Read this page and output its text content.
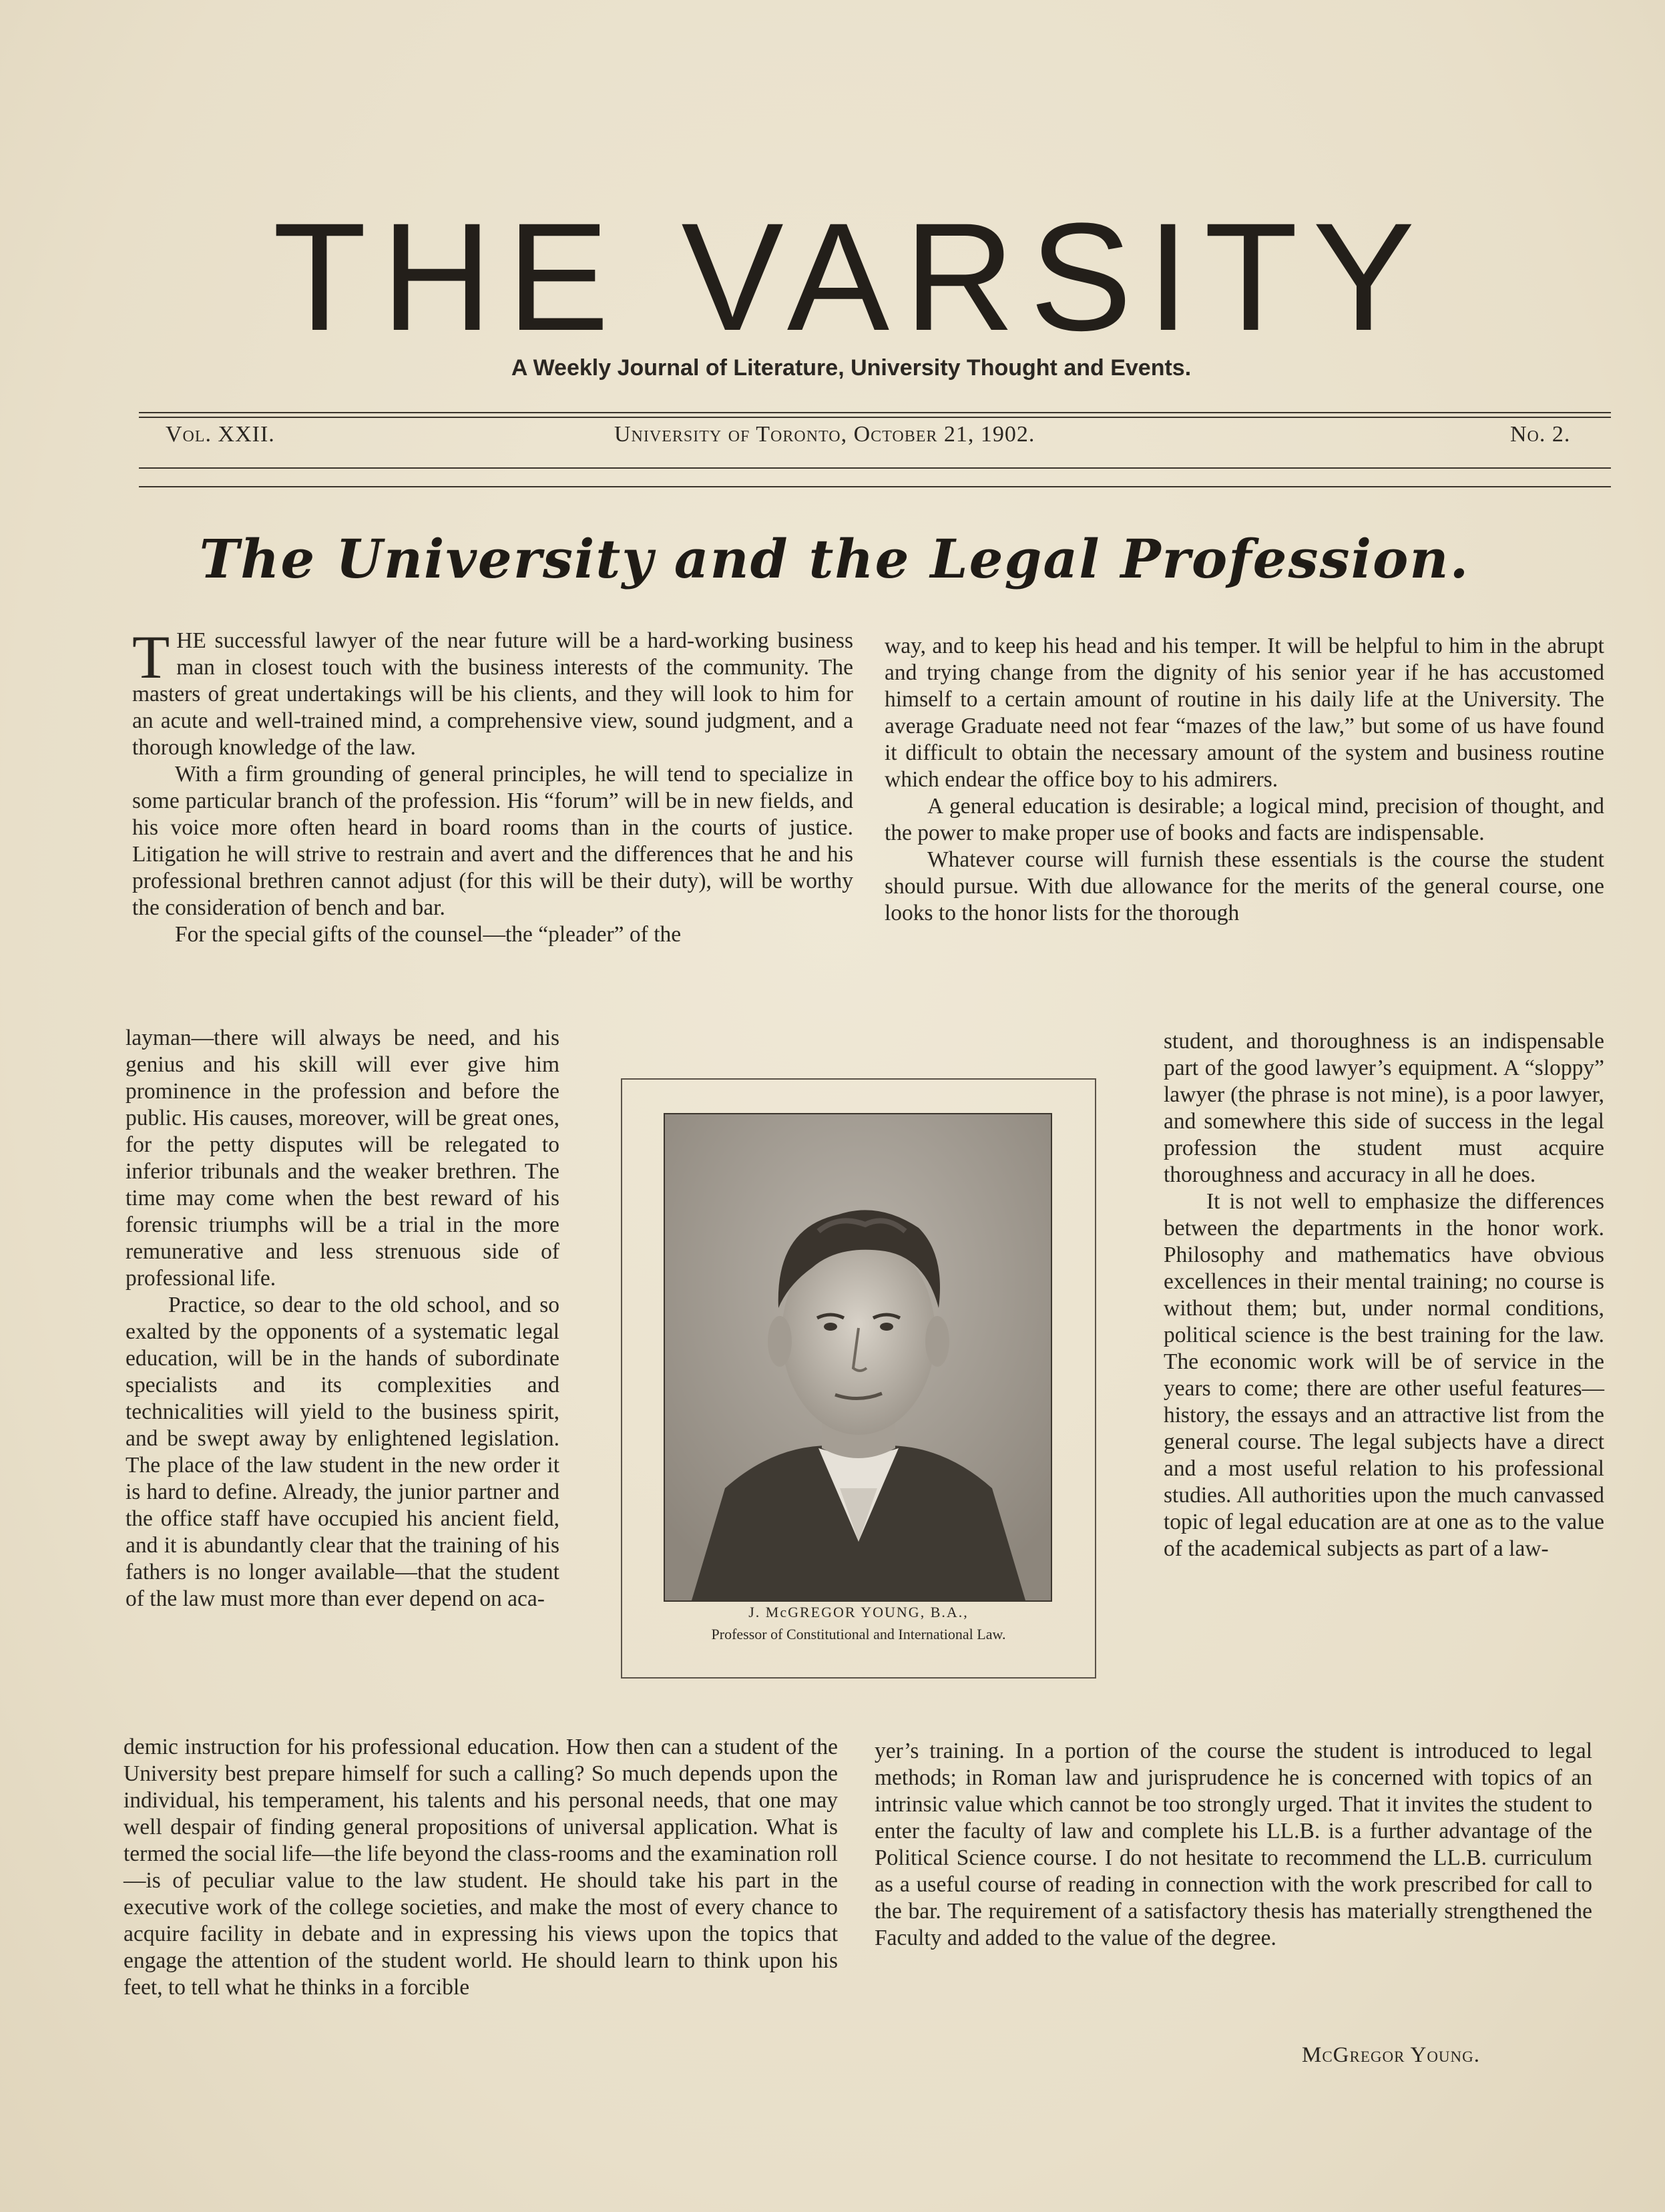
THE VARSITY
A Weekly Journal of Literature, University Thought and Events.
Vol. XXII.	University of Toronto, October 21, 1902.	No. 2.
The University and the Legal Profession.

THE successful lawyer of the near future will be a hard-working business man in closest touch with the business interests of the community. The masters of great undertakings will be his clients, and they will look to him for an acute and well-trained mind, a comprehensive view, sound judgment, and a thorough knowledge of the law.

With a firm grounding of general principles, he will tend to specialize in some particular branch of the profession. His “forum” will be in new fields, and his voice more often heard in board rooms than in the courts of justice. Litigation he will strive to restrain and avert and the differences that he and his professional brethren cannot adjust (for this will be their duty), will be worthy the consideration of bench and bar.

For the special gifts of the counsel—the “pleader” of the

layman—there will always be need, and his genius and his skill will ever give him prominence in the profession and before the public. His causes, moreover, will be great ones, for the petty disputes will be relegated to inferior tribunals and the weaker brethren. The time may come when the best reward of his forensic triumphs will be a trial in the more remunerative and less strenuous side of professional life.

Practice, so dear to the old school, and so exalted by the opponents of a systematic legal education, will be in the hands of subordinate specialists and its complexities and technicalities will yield to the business spirit, and be swept away by enlightened legislation. The place of the law student in the new order it is hard to define. Already, the junior partner and the office staff have occupied his ancient field, and it is abundantly clear that the training of his fathers is no longer available—that the student of the law must more than ever depend on aca-

demic instruction for his professional education. How then can a student of the University best prepare himself for such a calling? So much depends upon the individual, his temperament, his talents and his personal needs, that one may well despair of finding general propositions of universal application. What is termed the social life—the life beyond the class-rooms and the examination roll—is of peculiar value to the law student. He should take his part in the executive work of the college societies, and make the most of every chance to acquire facility in debate and in expressing his views upon the topics that engage the attention of the student world. He should learn to think upon his feet, to tell what he thinks in a forcible

way, and to keep his head and his temper. It will be helpful to him in the abrupt and trying change from the dignity of his senior year if he has accustomed himself to a certain amount of routine in his daily life at the University. The average Graduate need not fear “mazes of the law,” but some of us have found it difficult to obtain the necessary amount of the system and business routine which endear the office boy to his admirers.

A general education is desirable; a logical mind, precision of thought, and the power to make proper use of books and facts are indispensable.

Whatever course will furnish these essentials is the course the student should pursue. With due allowance for the merits of the general course, one looks to the honor lists for the thorough

student, and thoroughness is an indispensable part of the good lawyer’s equipment. A “sloppy” lawyer (the phrase is not mine), is a poor lawyer, and somewhere this side of success in the legal profession the student must acquire thoroughness and accuracy in all he does.

It is not well to emphasize the differences between the departments in the honor work. Philosophy and mathematics have obvious excellences in their mental training; no course is without them; but, under normal conditions, political science is the best training for the law. The economic work will be of service in the years to come; there are other useful features—history, the essays and an attractive list from the general course. The legal subjects have a direct and a most useful relation to his professional studies. All authorities upon the much canvassed topic of legal education are at one as to the value of the academical subjects as part of a law-

yer’s training. In a portion of the course the student is introduced to legal methods; in Roman law and jurisprudence he is concerned with topics of an intrinsic value which cannot be too strongly urged. That it invites the student to enter the faculty of law and complete his LL.B. is a further advantage of the Political Science course. I do not hesitate to recommend the LL.B. curriculum as a useful course of reading in connection with the work prescribed for call to the bar. The requirement of a satisfactory thesis has materially strengthened the Faculty and added to the value of the degree.

McGregor Young.
J. McGREGOR YOUNG, B.A.,
Professor of Constitutional and International Law.
